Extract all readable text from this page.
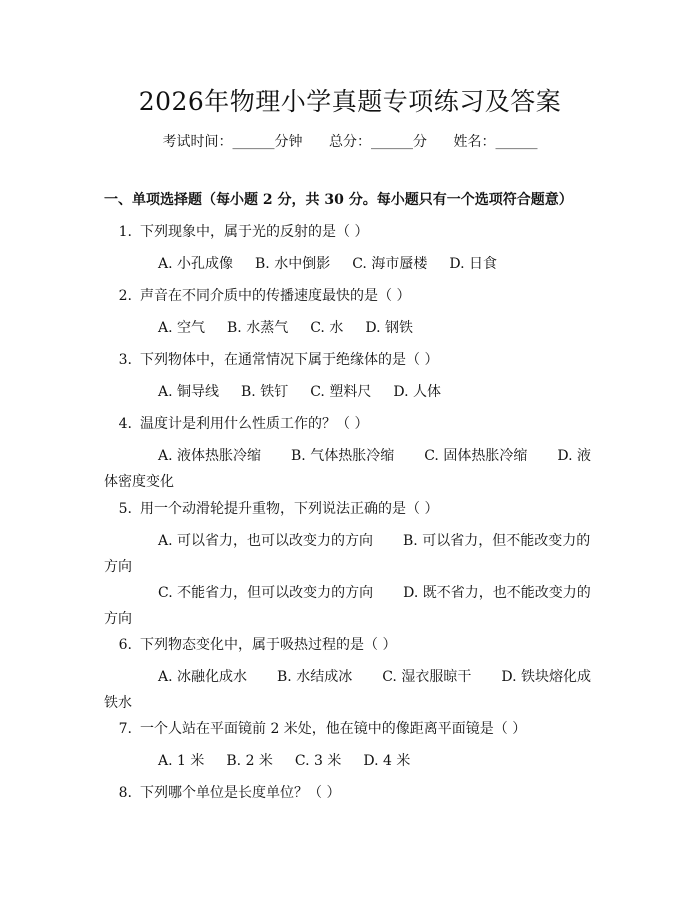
2026年物理小学真题专项练习及答案
考试时间：______分钟 总分：______分 姓名：______
一、单项选择题（每小题 2 分，共 30 分。每小题只有一个选项符合题意）
1. 下列现象中，属于光的反射的是（ ）
A. 小孔成像 B. 水中倒影 C. 海市蜃楼 D. 日食
2. 声音在不同介质中的传播速度最快的是（ ）
A. 空气 B. 水蒸气 C. 水 D. 钢铁
3. 下列物体中，在通常情况下属于绝缘体的是（ ）
A. 铜导线 B. 铁钉 C. 塑料尺 D. 人体
4. 温度计是利用什么性质工作的？（ ）
A. 液体热胀冷缩 B. 气体热胀冷缩 C. 固体热胀冷缩 D. 液体密度变化
5. 用一个动滑轮提升重物，下列说法正确的是（ ）
A. 可以省力，也可以改变力的方向 B. 可以省力，但不能改变力的方向
C. 不能省力，但可以改变力的方向 D. 既不省力，也不能改变力的方向
6. 下列物态变化中，属于吸热过程的是（ ）
A. 冰融化成水 B. 水结成冰 C. 湿衣服晾干 D. 铁块熔化成铁水
7. 一个人站在平面镜前 2 米处，他在镜中的像距离平面镜是（ ）
A. 1 米 B. 2 米 C. 3 米 D. 4 米
8. 下列哪个单位是长度单位？（ ）
